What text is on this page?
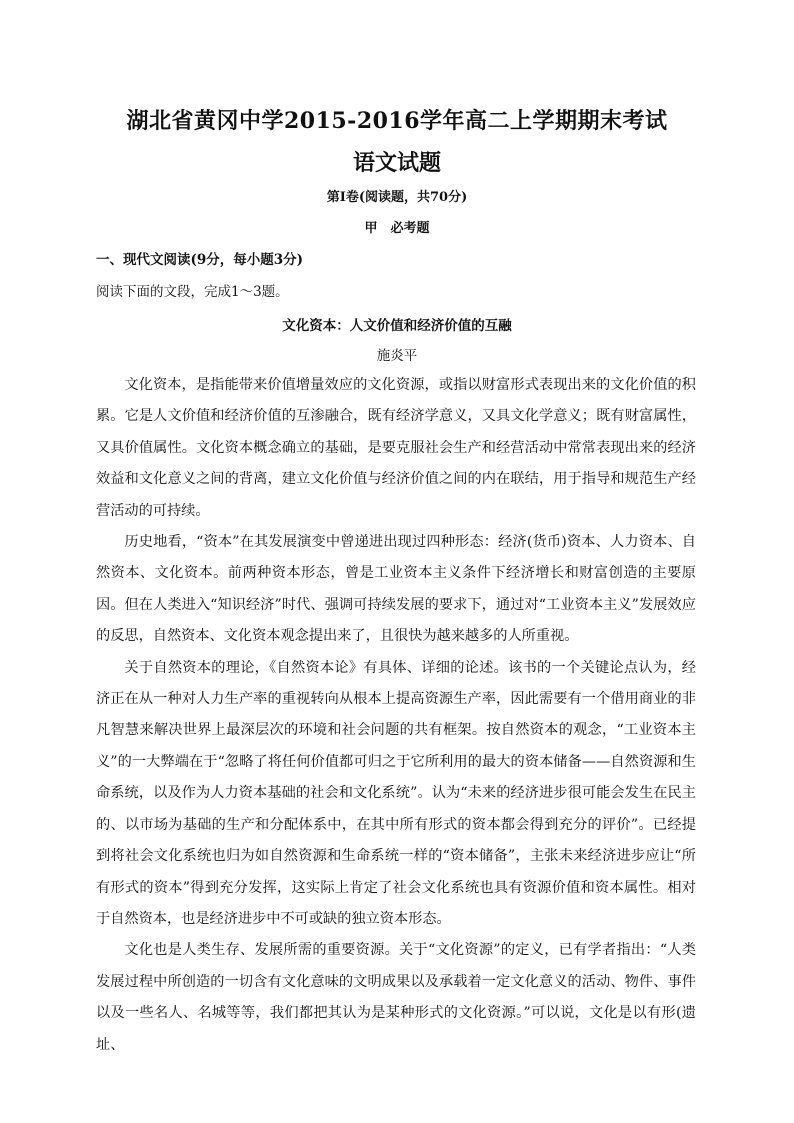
湖北省黄冈中学2015-2016学年高二上学期期末考试
语文试题
第Ⅰ卷(阅读题，共70分)
甲　必考题
一、现代文阅读(9分，每小题3分)
阅读下面的文段，完成1～3题。
文化资本：人文价值和经济价值的互融
施炎平

文化资本，是指能带来价值增量效应的文化资源，或指以财富形式表现出来的文化价值的积累。它是人文价值和经济价值的互渗融合，既有经济学意义，又具文化学意义；既有财富属性，又具价值属性。文化资本概念确立的基础，是要克服社会生产和经营活动中常常表现出来的经济效益和文化意义之间的背离，建立文化价值与经济价值之间的内在联结，用于指导和规范生产经营活动的可持续。

历史地看，“资本”在其发展演变中曾递进出现过四种形态：经济(货币)资本、人力资本、自然资本、文化资本。前两种资本形态，曾是工业资本主义条件下经济增长和财富创造的主要原因。但在人类进入“知识经济”时代、强调可持续发展的要求下，通过对“工业资本主义”发展效应的反思，自然资本、文化资本观念提出来了，且很快为越来越多的人所重视。

关于自然资本的理论，《自然资本论》有具体、详细的论述。该书的一个关键论点认为，经济正在从一种对人力生产率的重视转向从根本上提高资源生产率，因此需要有一个借用商业的非凡智慧来解决世界上最深层次的环境和社会问题的共有框架。按自然资本的观念，“工业资本主义”的一大弊端在于“忽略了将任何价值都可归之于它所利用的最大的资本储备——自然资源和生命系统，以及作为人力资本基础的社会和文化系统”。认为“未来的经济进步很可能会发生在民主的、以市场为基础的生产和分配体系中，在其中所有形式的资本都会得到充分的评价”。已经提到将社会文化系统也归为如自然资源和生命系统一样的“资本储备”，主张未来经济进步应让“所有形式的资本”得到充分发挥，这实际上肯定了社会文化系统也具有资源价值和资本属性。相对于自然资本，也是经济进步中不可或缺的独立资本形态。

文化也是人类生存、发展所需的重要资源。关于“文化资源”的定义，已有学者指出：“人类发展过程中所创造的一切含有文化意味的文明成果以及承载着一定文化意义的活动、物件、事件以及一些名人、名城等等，我们都把其认为是某种形式的文化资源。”可以说，文化是以有形(遗址、
